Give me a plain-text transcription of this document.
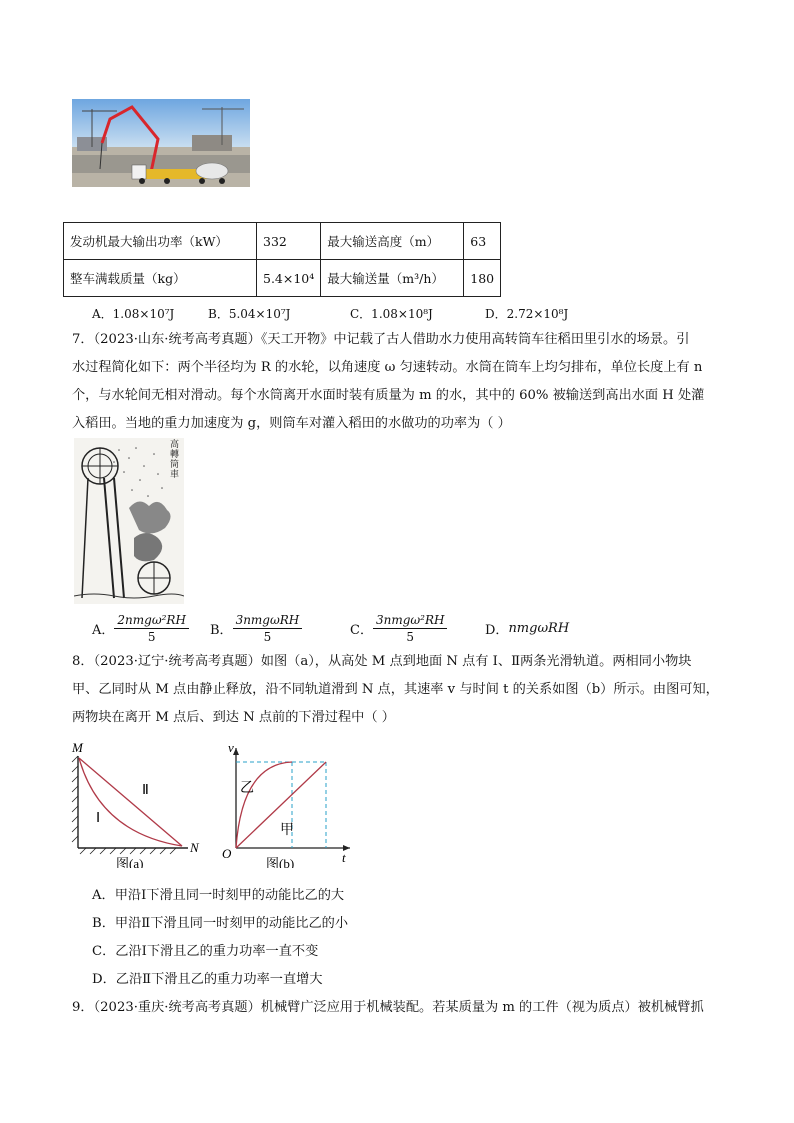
发动机最大输出功率（kW）	332	最大输送高度（m）	63
整车满载质量（kg）	5.4×10⁴	最大输送量（m³/h）	180
A．1.08×10⁷J	B．5.04×10⁷J	C．1.08×10⁸J	D．2.72×10⁸J
7．（2023·山东·统考高考真题）《天工开物》中记载了古人借助水力使用高转筒车往稻田里引水的场景。引
水过程简化如下：两个半径均为 R 的水轮，以角速度 ω 匀速转动。水筒在筒车上均匀排布，单位长度上有 n
个，与水轮间无相对滑动。每个水筒离开水面时装有质量为 m 的水，其中的 60% 被输送到高出水面 H 处灌
入稻田。当地的重力加速度为 g，则筒车对灌入稻田的水做功的功率为（ ）
高轉筒車
A． $\frac{\text{2nmgω²RH}}{5}$ B． $\frac{\text{3nmgωRH}}{5}$	C． $\frac{\text{3nmgω²RH}}{5}$	D． nmgωRH
8．（2023·辽宁·统考高考真题）如图（a），从高处 M 点到地面 N 点有 Ⅰ、Ⅱ两条光滑轨道。两相同小物块
甲、乙同时从 M 点由静止释放，沿不同轨道滑到 N 点，其速率 v 与时间 t 的关系如图（b）所示。由图可知，
两物块在离开 M 点后、到达 N 点前的下滑过程中（ ）
M
N
Ⅰ
Ⅱ
图(a)
v
t
O
乙
甲
图(b)
A．甲沿Ⅰ下滑且同一时刻甲的动能比乙的大
B．甲沿Ⅱ下滑且同一时刻甲的动能比乙的小
C．乙沿Ⅰ下滑且乙的重力功率一直不变
D．乙沿Ⅱ下滑且乙的重力功率一直增大
9．（2023·重庆·统考高考真题）机械臂广泛应用于机械装配。若某质量为 m 的工件（视为质点）被机械臂抓
